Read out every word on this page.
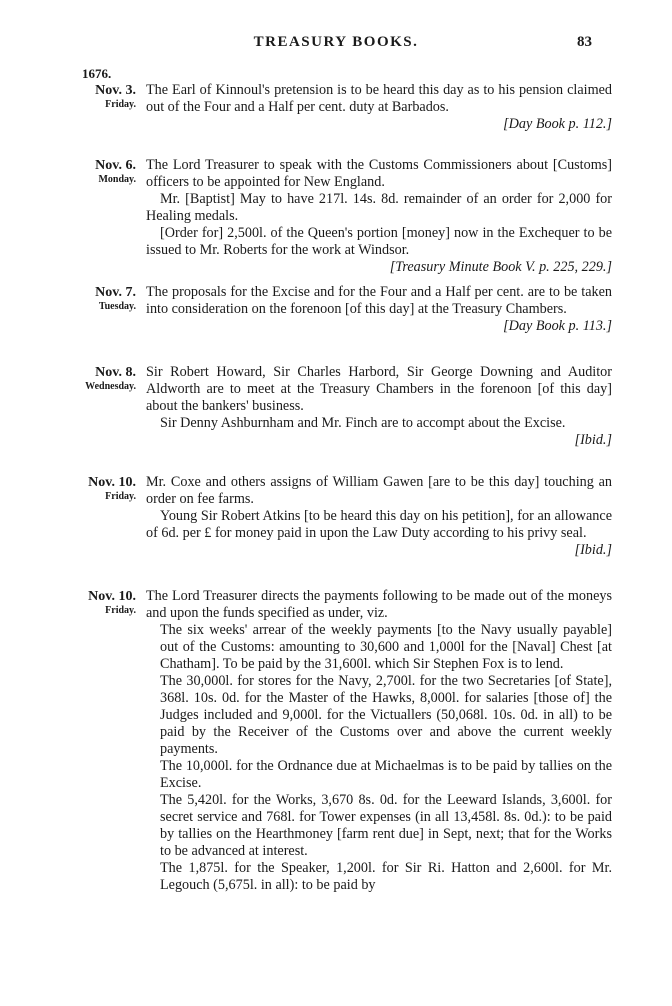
TREASURY BOOKS.	83
1676.
Nov. 3.
Friday.

The Earl of Kinnoul's pretension is to be heard this day as to his pension claimed out of the Four and a Half per cent. duty at Barbados.

[Day Book p. 112.]

Nov. 6.
Monday.

The Lord Treasurer to speak with the Customs Commissioners about [Customs] officers to be appointed for New England.

Mr. [Baptist] May to have 217l. 14s. 8d. remainder of an order for 2,000 for Healing medals.

[Order for] 2,500l. of the Queen's portion [money] now in the Exchequer to be issued to Mr. Roberts for the work at Windsor.

[Treasury Minute Book V. p. 225, 229.]

Nov. 7.
Tuesday.

The proposals for the Excise and for the Four and a Half per cent. are to be taken into consideration on the forenoon [of this day] at the Treasury Chambers.

[Day Book p. 113.]

Nov. 8.
Wednesday.

Sir Robert Howard, Sir Charles Harbord, Sir George Downing and Auditor Aldworth are to meet at the Treasury Chambers in the forenoon [of this day] about the bankers' business.

Sir Denny Ashburnham and Mr. Finch are to accompt about the Excise.

[Ibid.]

Nov. 10.
Friday.

Mr. Coxe and others assigns of William Gawen [are to be this day] touching an order on fee farms.

Young Sir Robert Atkins [to be heard this day on his petition], for an allowance of 6d. per £ for money paid in upon the Law Duty according to his privy seal.

[Ibid.]

Nov. 10.
Friday.

The Lord Treasurer directs the payments following to be made out of the moneys and upon the funds specified as under, viz.

The six weeks' arrear of the weekly payments [to the Navy usually payable] out of the Customs: amounting to 30,600 and 1,000l for the [Naval] Chest [at Chatham]. To be paid by the 31,600l. which Sir Stephen Fox is to lend.

The 30,000l. for stores for the Navy, 2,700l. for the two Secretaries [of State], 368l. 10s. 0d. for the Master of the Hawks, 8,000l. for salaries [those of] the Judges included and 9,000l. for the Victuallers (50,068l. 10s. 0d. in all) to be paid by the Receiver of the Customs over and above the current weekly payments.

The 10,000l. for the Ordnance due at Michaelmas is to be paid by tallies on the Excise.

The 5,420l. for the Works, 3,670 8s. 0d. for the Leeward Islands, 3,600l. for secret service and 768l. for Tower expenses (in all 13,458l. 8s. 0d.): to be paid by tallies on the Hearthmoney [farm rent due] in Sept, next; that for the Works to be advanced at interest.

The 1,875l. for the Speaker, 1,200l. for Sir Ri. Hatton and 2,600l. for Mr. Legouch (5,675l. in all): to be paid by
